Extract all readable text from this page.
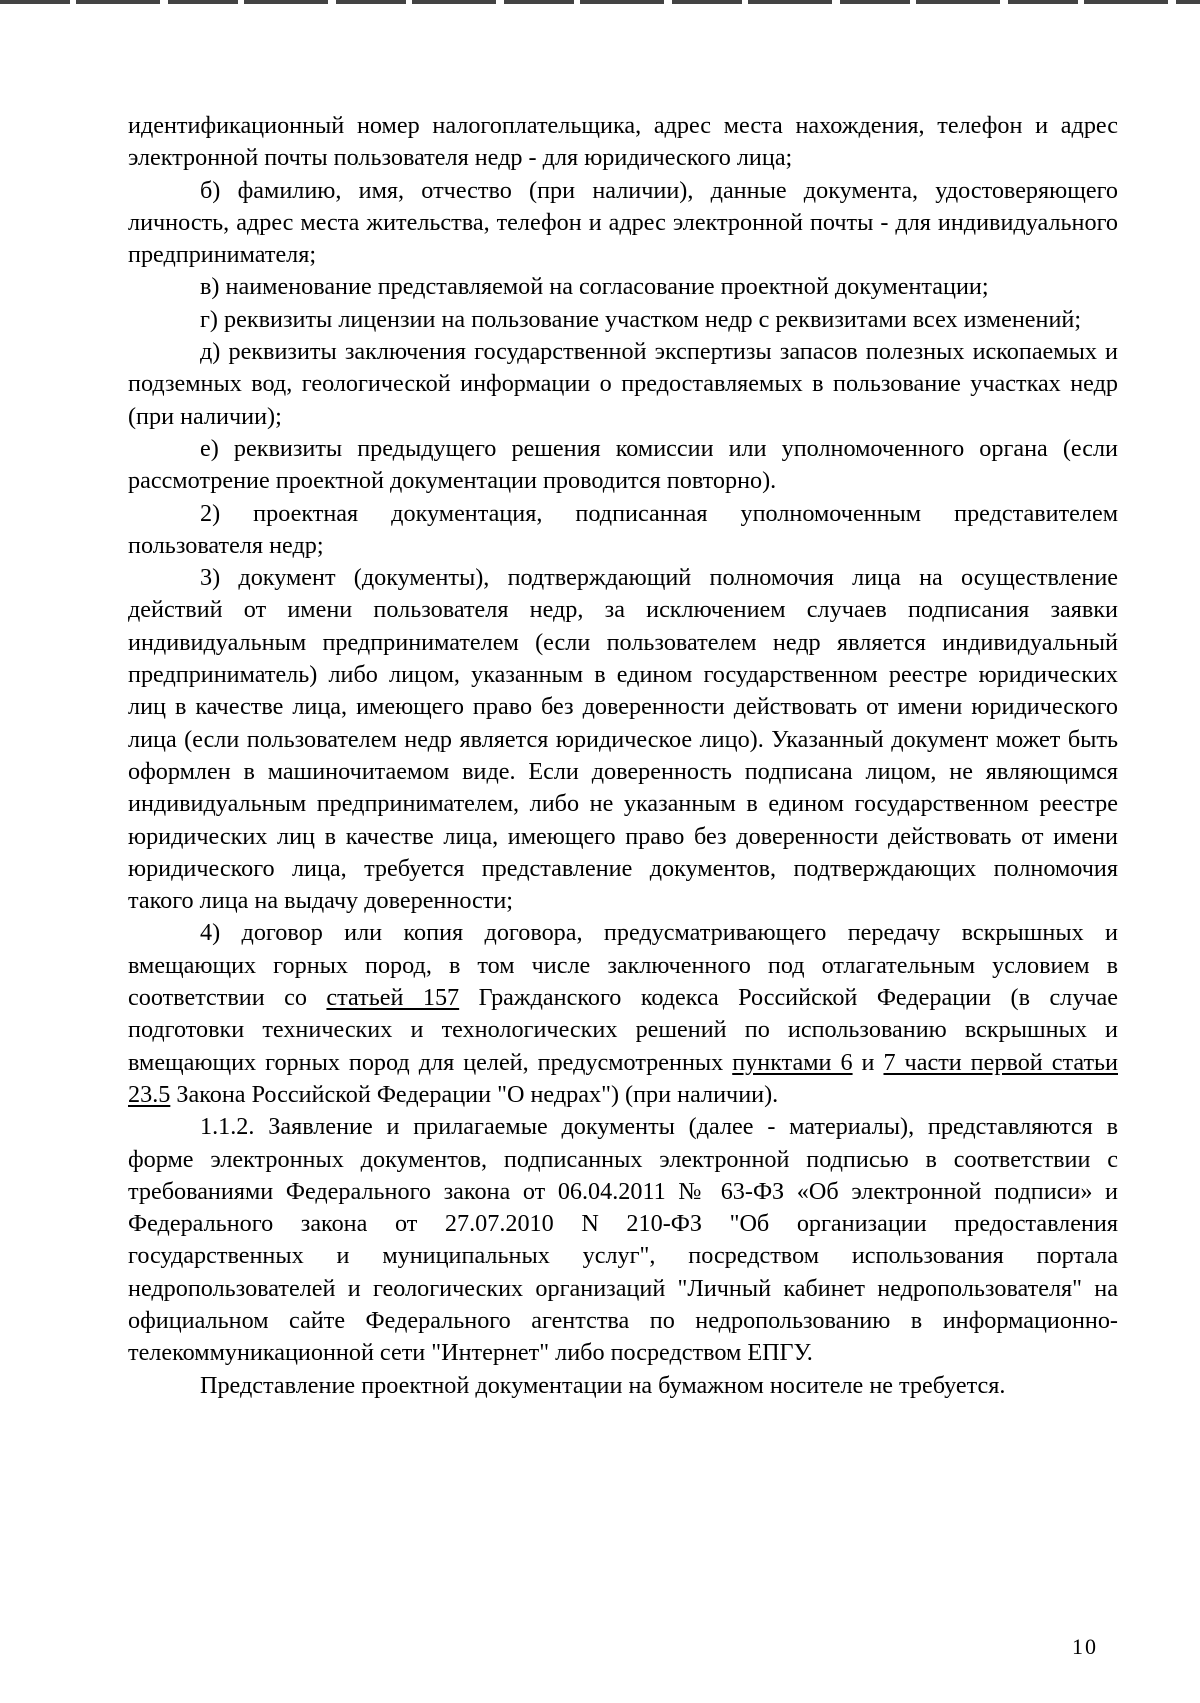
идентификационный номер налогоплательщика, адрес места нахождения, телефон и адрес электронной почты пользователя недр - для юридического лица;

б) фамилию, имя, отчество (при наличии), данные документа, удостоверяющего личность, адрес места жительства, телефон и адрес электронной почты - для индивидуального предпринимателя;

в) наименование представляемой на согласование проектной документации;

г) реквизиты лицензии на пользование участком недр с реквизитами всех изменений;

д) реквизиты заключения государственной экспертизы запасов полезных ископаемых и подземных вод, геологической информации о предоставляемых в пользование участках недр (при наличии);

е) реквизиты предыдущего решения комиссии или уполномоченного органа (если рассмотрение проектной документации проводится повторно).

2) проектная документация, подписанная уполномоченным представителем пользователя недр;

3) документ (документы), подтверждающий полномочия лица на осуществление действий от имени пользователя недр, за исключением случаев подписания заявки индивидуальным предпринимателем (если пользователем недр является индивидуальный предприниматель) либо лицом, указанным в едином государственном реестре юридических лиц в качестве лица, имеющего право без доверенности действовать от имени юридического лица (если пользователем недр является юридическое лицо). Указанный документ может быть оформлен в машиночитаемом виде. Если доверенность подписана лицом, не являющимся индивидуальным предпринимателем, либо не указанным в едином государственном реестре юридических лиц в качестве лица, имеющего право без доверенности действовать от имени юридического лица, требуется представление документов, подтверждающих полномочия такого лица на выдачу доверенности;

4) договор или копия договора, предусматривающего передачу вскрышных и вмещающих горных пород, в том числе заключенного под отлагательным условием в соответствии со статьей 157 Гражданского кодекса Российской Федерации (в случае подготовки технических и технологических решений по использованию вскрышных и вмещающих горных пород для целей, предусмотренных пунктами 6 и 7 части первой статьи 23.5 Закона Российской Федерации "О недрах") (при наличии).

1.1.2. Заявление и прилагаемые документы (далее - материалы), представляются в форме электронных документов, подписанных электронной подписью в соответствии с требованиями Федерального закона от 06.04.2011 № 63-ФЗ «Об электронной подписи» и Федерального закона от 27.07.2010 N 210-ФЗ "Об организации предоставления государственных и муниципальных услуг", посредством использования портала недропользователей и геологических организаций "Личный кабинет недропользователя" на официальном сайте Федерального агентства по недропользованию в информационно-телекоммуникационной сети "Интернет" либо посредством ЕПГУ.

Представление проектной документации на бумажном носителе не требуется.

10
